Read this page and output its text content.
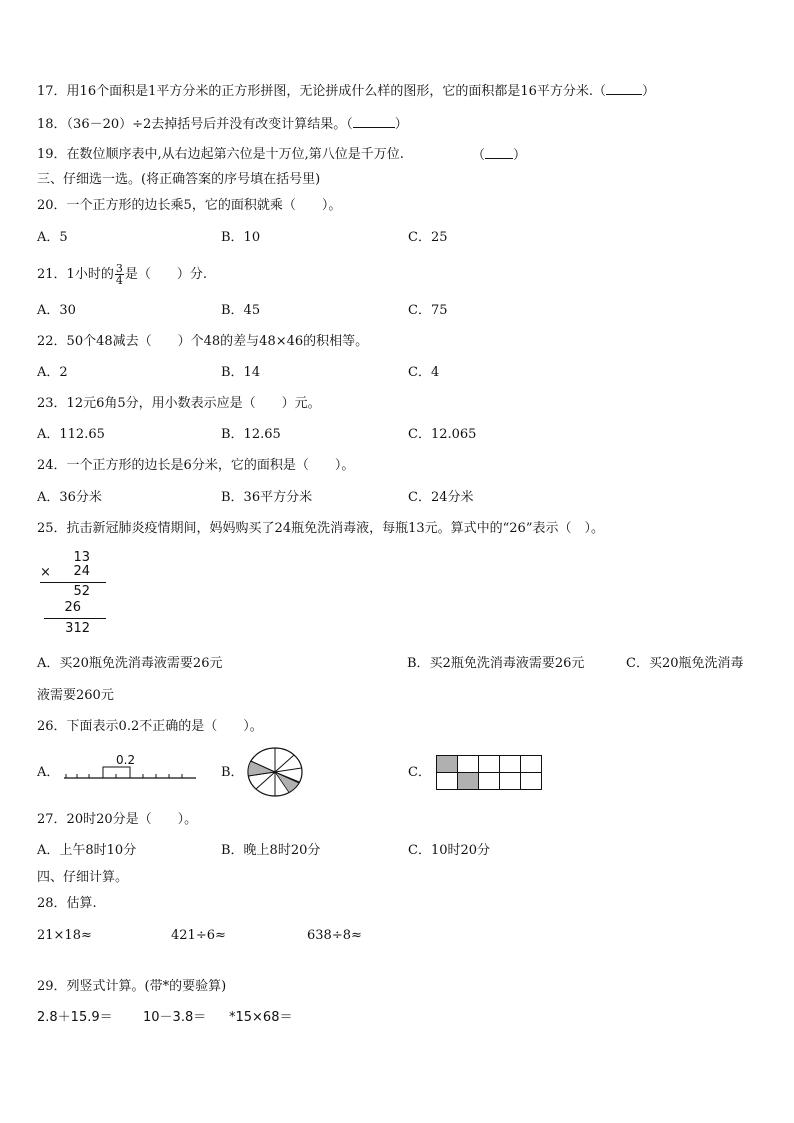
17．用16个面积是1平方分米的正方形拼图，无论拼成什么样的图形，它的面积都是16平方分米.（	）
18．（36－20）÷2去掉括号后并没有改变计算结果。（	）
19．在数位顺序表中,从右边起第六位是十万位,第八位是千万位.	（ ）
三、仔细选一选。(将正确答案的序号填在括号里)
20．一个正方形的边长乘5，它的面积就乘（　　）。
A．5	B．10	C．25
21．1小时的 $\frac{3}{4}$ 是（　　）分.
A．30	B．45	C．75
22．50个48减去（　　）个48的差与48×46的积相等。
A．2	B．14	C．4
23．12元6角5分，用小数表示应是（　　）元。
A．112.65	B．12.65	C．12.065
24．一个正方形的边长是6分米，它的面积是（　　）。
A．36分米	B．36平方分米	C．24分米
25．抗击新冠肺炎疫情期间，妈妈购买了24瓶免洗消毒液，每瓶13元。算式中的“26”表示（　）。
13
× 24
52
26
312
A．买20瓶免洗消毒液需要26元	B．买2瓶免洗消毒液需要26元	C．买20瓶免洗消毒
液需要260元
26．下面表示0.2不正确的是（　　）。
A．
0.2
B．	C．
27．20时20分是（　　）。
A．上午8时10分	B．晚上8时20分	C．10时20分
四、仔细计算。
28．估算.
21×18≈	421÷6≈	638÷8≈
29．列竖式计算。(带*的要验算)
2.8＋15.9＝ 10－3.8＝ *15×68＝
